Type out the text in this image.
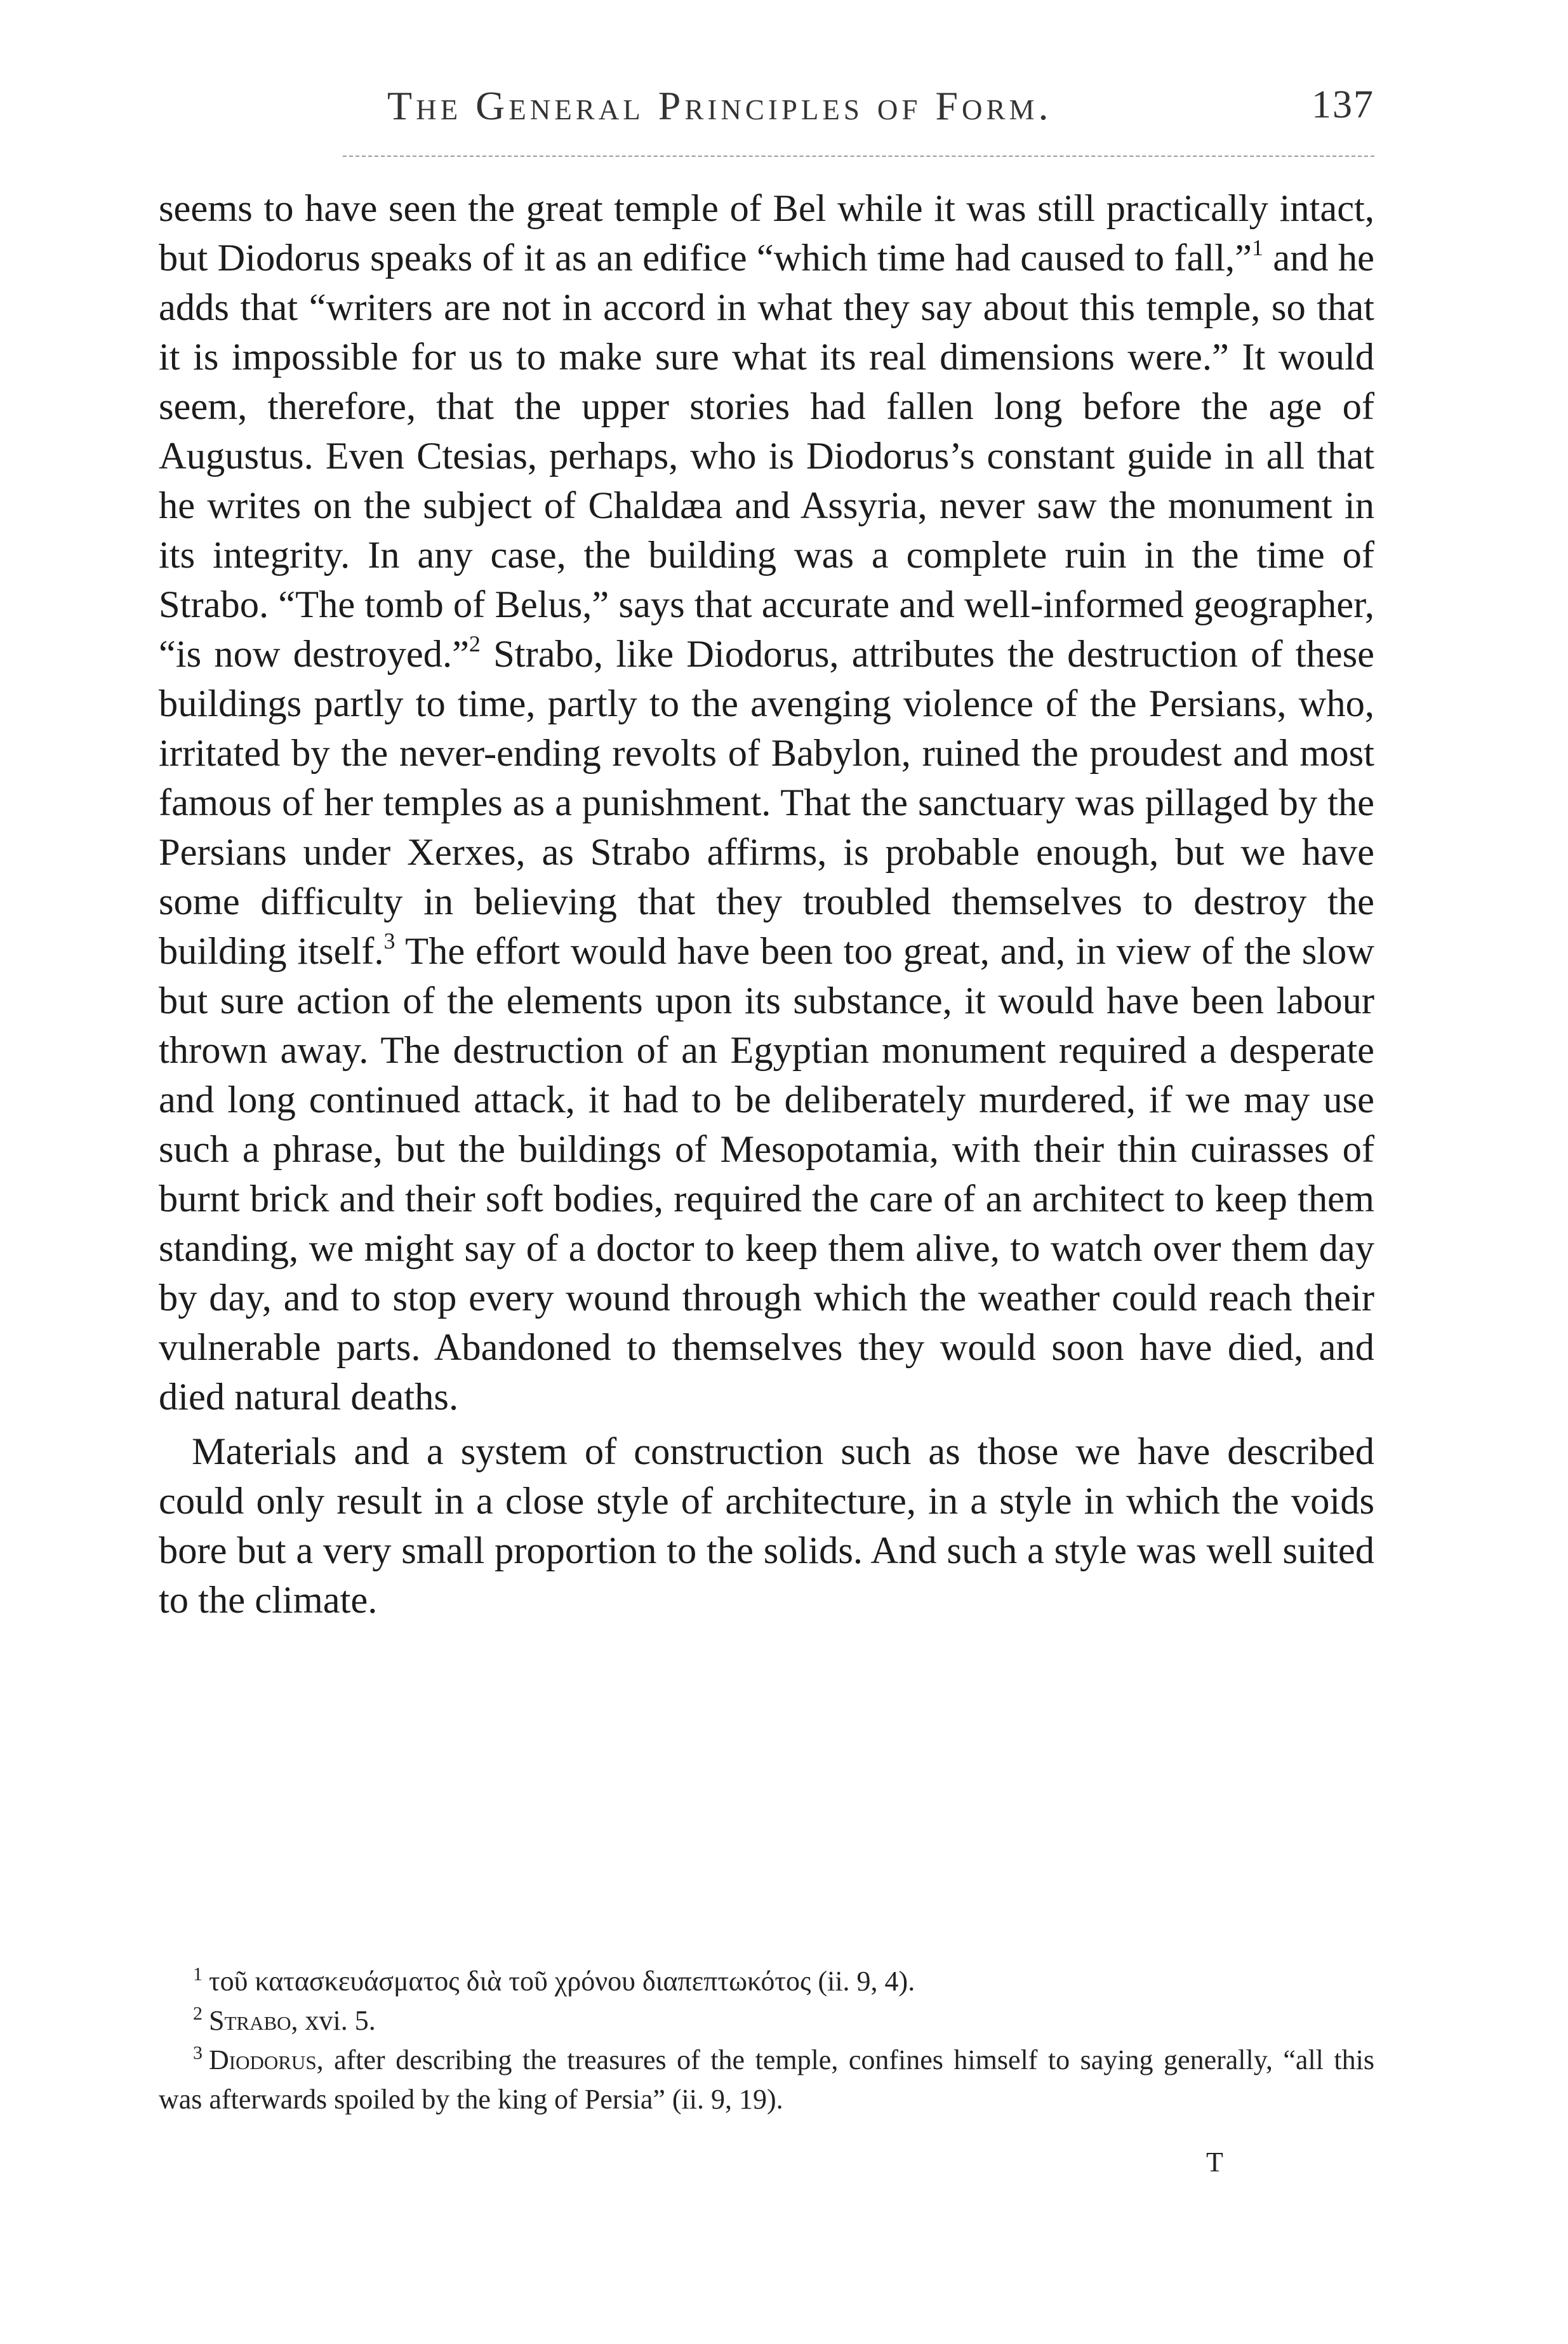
The General Principles of Form.	137

seems to have seen the great temple of Bel while it was still practically intact, but Diodorus speaks of it as an edifice “which time had caused to fall,”$^1$ and he adds that “writers are not in accord in what they say about this temple, so that it is impossible for us to make sure what its real dimensions were.” It would seem, therefore, that the upper stories had fallen long before the age of Augustus. Even Ctesias, perhaps, who is Diodorus’s constant guide in all that he writes on the subject of Chaldæa and Assyria, never saw the monument in its integrity. In any case, the building was a complete ruin in the time of Strabo. “The tomb of Belus,” says that accurate and well-informed geographer, “is now destroyed.”$^2$ Strabo, like Diodorus, attributes the destruction of these buildings partly to time, partly to the avenging violence of the Persians, who, irritated by the never-ending revolts of Babylon, ruined the proudest and most famous of her temples as a punishment. That the sanctuary was pillaged by the Persians under Xerxes, as Strabo affirms, is probable enough, but we have some difficulty in believing that they troubled themselves to destroy the building itself.$^3$ The effort would have been too great, and, in view of the slow but sure action of the elements upon its substance, it would have been labour thrown away. The destruction of an Egyptian monument required a desperate and long continued attack, it had to be deliberately murdered, if we may use such a phrase, but the buildings of Mesopotamia, with their thin cuirasses of burnt brick and their soft bodies, required the care of an architect to keep them standing, we might say of a doctor to keep them alive, to watch over them day by day, and to stop every wound through which the weather could reach their vulnerable parts. Abandoned to themselves they would soon have died, and died natural deaths.

Materials and a system of construction such as those we have described could only result in a close style of architecture, in a style in which the voids bore but a very small proportion to the solids. And such a style was well suited to the climate.

$^1$ τοῦ κατασκευάσματος διὰ τοῦ χρόνου διαπεπτωκότος (ii. 9, 4).

$^2$ Strabo, xvi. 5.

$^3$ Diodorus, after describing the treasures of the temple, confines himself to saying generally, “all this was afterwards spoiled by the king of Persia” (ii. 9, 19).

T
